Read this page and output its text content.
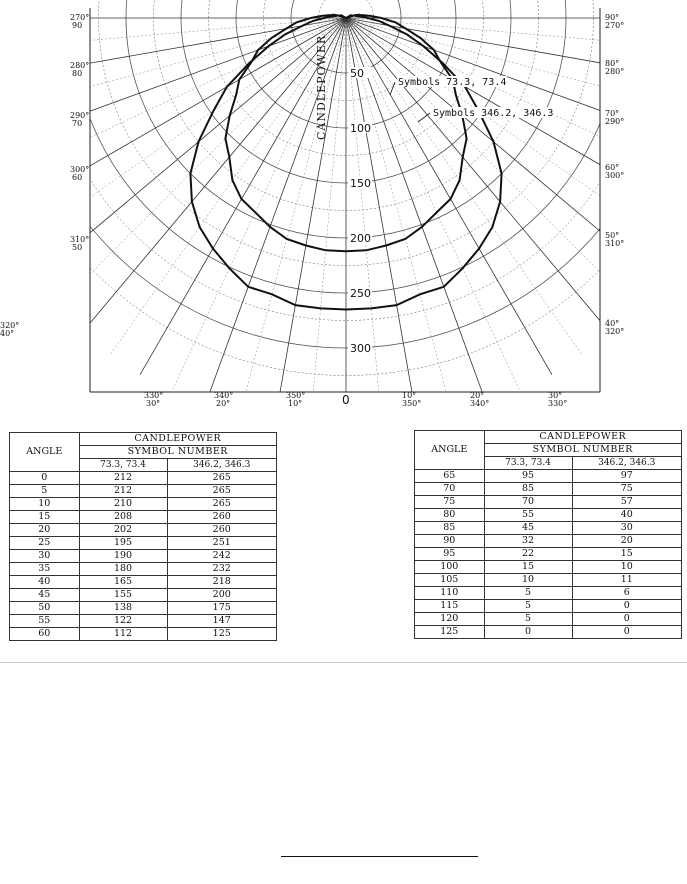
50
100
150
200
250
300
CANDLEPOWER	Symbols 73.3, 73.4
Symbols 346.2, 346.3
270°
90
280°
80
290°
70
300°
60
310°
50
320°
40°
330°
30°
340°
20°
350°
10°
90°
270°
80°
280°
70°
290°
60°
300°
50°
310°
40°
320°
30°
330°
20°
340°
10°
350°
0
ANGLE	CANDLEPOWER	
	SYMBOL NUMBER	
	73.3, 73.4	346.2, 346.3
0	212	265
5	212	265
10	210	265
15	208	260
20	202	260
25	195	251
30	190	242
35	180	232
40	165	218
45	155	200
50	138	175
55	122	147
60	112	125
ANGLE	CANDLEPOWER	
	SYMBOL NUMBER	
	73.3, 73.4	346.2, 346.3
65	95	97
70	85	75
75	70	57
80	55	40
85	45	30
90	32	20
95	22	15
100	15	10
105	10	11
110	5	6
115	5	0
120	5	0
125	0	0
